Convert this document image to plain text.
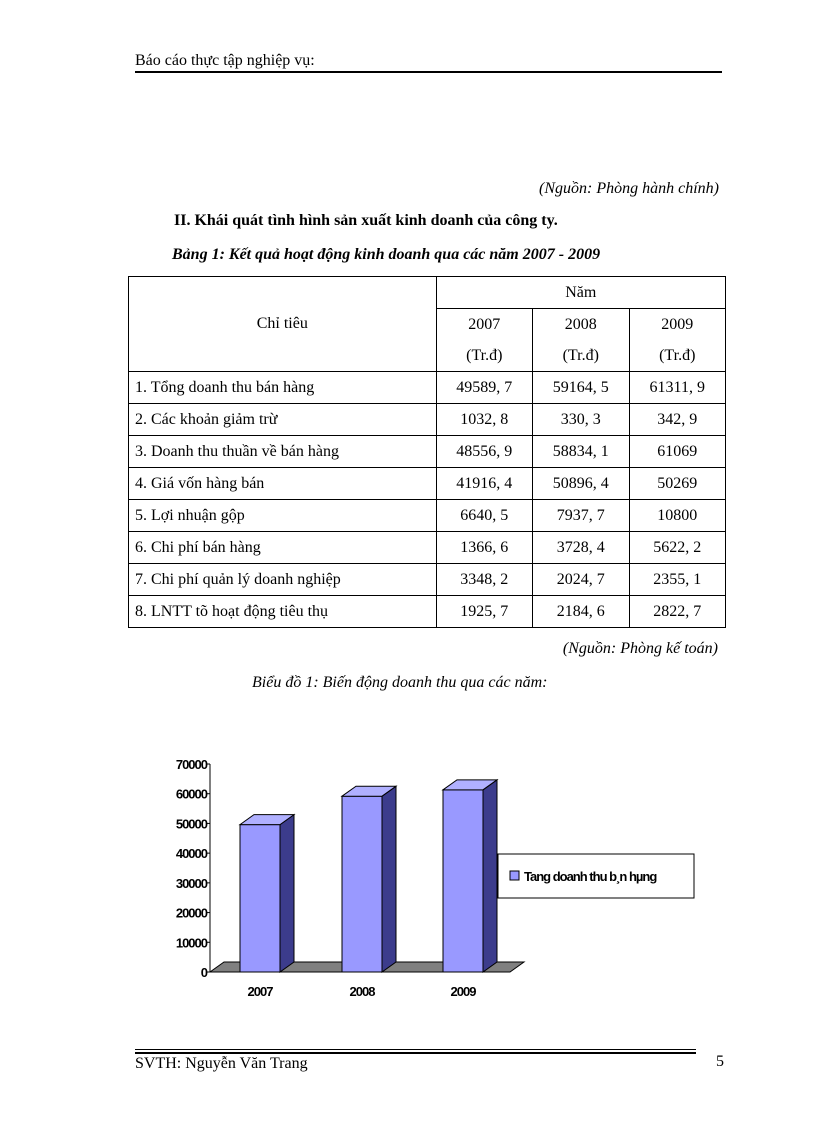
Báo cáo thực tập nghiệp vụ:
(Nguồn: Phòng hành chính)
II. Khái quát tình hình sản xuất kinh doanh của công ty.
Bảng 1: Kết quả hoạt động kinh doanh qua các năm 2007 - 2009
Chỉ tiêu	Năm		
	2007	2008	2009
	(Tr.đ)	(Tr.đ)	(Tr.đ)
1. Tổng doanh thu bán hàng	49589, 7	59164, 5	61311, 9
2. Các khoản giảm trừ	1032, 8	330, 3	342, 9
3. Doanh thu thuần về bán hàng	48556, 9	58834, 1	61069
4. Giá vốn hàng bán	41916, 4	50896, 4	50269
5. Lợi nhuận gộp	6640, 5	7937, 7	10800
6. Chi phí bán hàng	1366, 6	3728, 4	5622, 2
7. Chi phí quản lý doanh nghiệp	3348, 2	2024, 7	2355, 1
8. LNTT tõ hoạt động tiêu thụ	1925, 7	2184, 6	2822, 7
(Nguồn: Phòng kế toán)
Biểu đồ 1: Biến động doanh thu qua các năm:
0
10000
20000
30000
40000
50000
60000
70000
2007	2008	2009
Tang doanh thu b¸n hµng
SVTH: Nguyễn Văn Trang	5
